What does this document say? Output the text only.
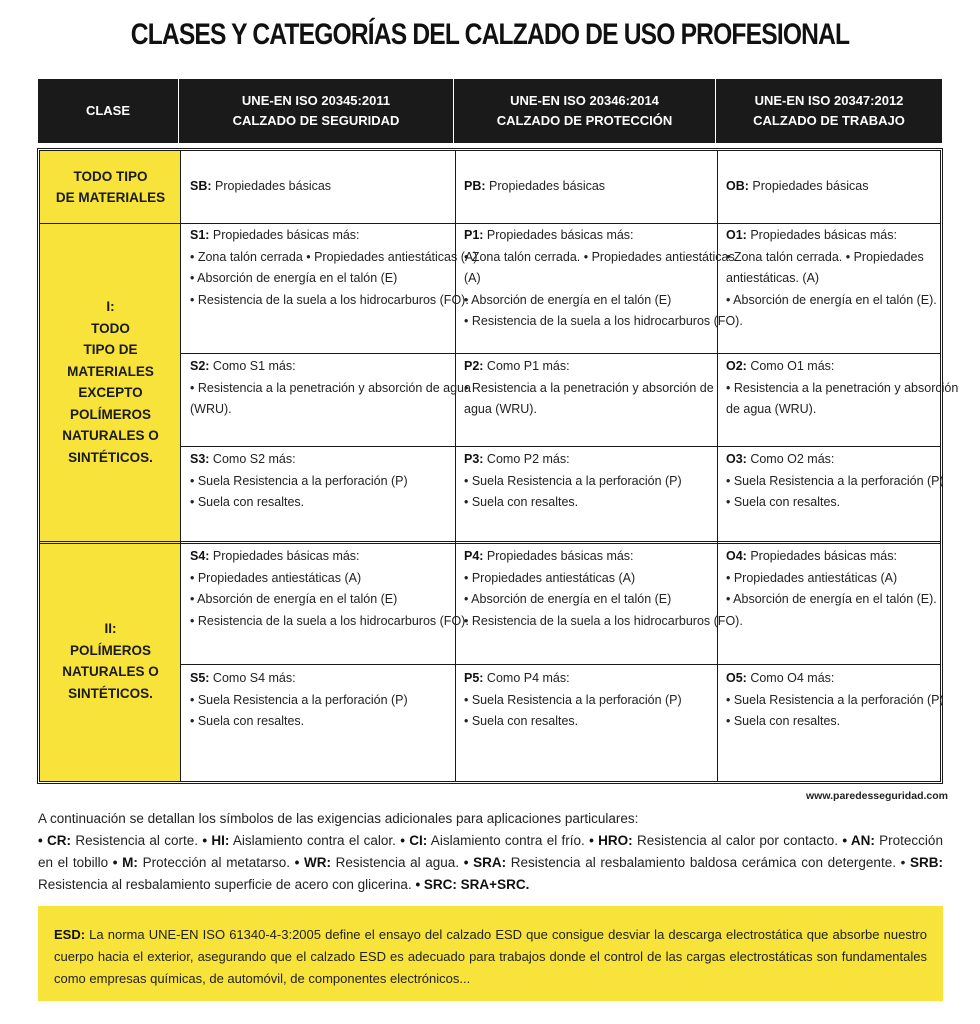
CLASES Y CATEGORÍAS DEL CALZADO DE USO PROFESIONAL
CLASE
UNE-EN ISO 20345:2011
CALZADO DE SEGURIDAD
UNE-EN ISO 20346:2014
CALZADO DE PROTECCIÓN
UNE-EN ISO 20347:2012
CALZADO DE TRABAJO
TODO TIPO
DE MATERIALES
I:
TODO
TIPO DE
MATERIALES
EXCEPTO
POLÍMEROS
NATURALES O
SINTÉTICOS.
II:
POLÍMEROS
NATURALES O
SINTÉTICOS.
SB: Propiedades básicas	PB: Propiedades básicas	OB: Propiedades básicas
S1: Propiedades básicas más:
• Zona talón cerrada • Propiedades antiestáticas (A)
• Absorción de energía en el talón (E)
• Resistencia de la suela a los hidrocarburos (FO).
P1: Propiedades básicas más:
• Zona talón cerrada. • Propiedades antiestáticas
(A)
• Absorción de energía en el talón (E)
• Resistencia de la suela a los hidrocarburos (FO).
O1: Propiedades básicas más:
• Zona talón cerrada. • Propiedades
antiestáticas. (A)
• Absorción de energía en el talón (E).
S2: Como S1 más:
• Resistencia a la penetración y absorción de agua
(WRU).
P2: Como P1 más:
• Resistencia a la penetración y absorción de
agua (WRU).
O2: Como O1 más:
• Resistencia a la penetración y absorción
de agua (WRU).
S3: Como S2 más:
• Suela Resistencia a la perforación (P)
• Suela con resaltes.
P3: Como P2 más:
• Suela Resistencia a la perforación (P)
• Suela con resaltes.
O3: Como O2 más:
• Suela Resistencia a la perforación (P)
• Suela con resaltes.
S4: Propiedades básicas más:
• Propiedades antiestáticas (A)
• Absorción de energía en el talón (E)
• Resistencia de la suela a los hidrocarburos (FO).
P4: Propiedades básicas más:
• Propiedades antiestáticas (A)
• Absorción de energía en el talón (E)
• Resistencia de la suela a los hidrocarburos (FO).
O4: Propiedades básicas más:
• Propiedades antiestáticas (A)
• Absorción de energía en el talón (E).
S5: Como S4 más:
• Suela Resistencia a la perforación (P)
• Suela con resaltes.
P5: Como P4 más:
• Suela Resistencia a la perforación (P)
• Suela con resaltes.
O5: Como O4 más:
• Suela Resistencia a la perforación (P)
• Suela con resaltes.
www.paredesseguridad.com
A continuación se detallan los símbolos de las exigencias adicionales para aplicaciones particulares:
• CR: Resistencia al corte. • HI: Aislamiento contra el calor. • CI: Aislamiento contra el frío. • HRO: Resistencia al calor por contacto. • AN: Protección en el tobillo • M: Protección al metatarso. • WR: Resistencia al agua. • SRA: Resistencia al resbalamiento baldosa cerámica con detergente. • SRB: Resistencia al resbalamiento superficie de acero con glicerina. • SRC: SRA+SRC.
ESD: La norma UNE-EN ISO 61340-4-3:2005 define el ensayo del calzado ESD que consigue desviar la descarga electrostática que absorbe nuestro cuerpo hacia el exterior, asegurando que el calzado ESD es adecuado para trabajos donde el control de las cargas electrostáticas son fundamentales como empresas químicas, de automóvil, de componentes electrónicos...
